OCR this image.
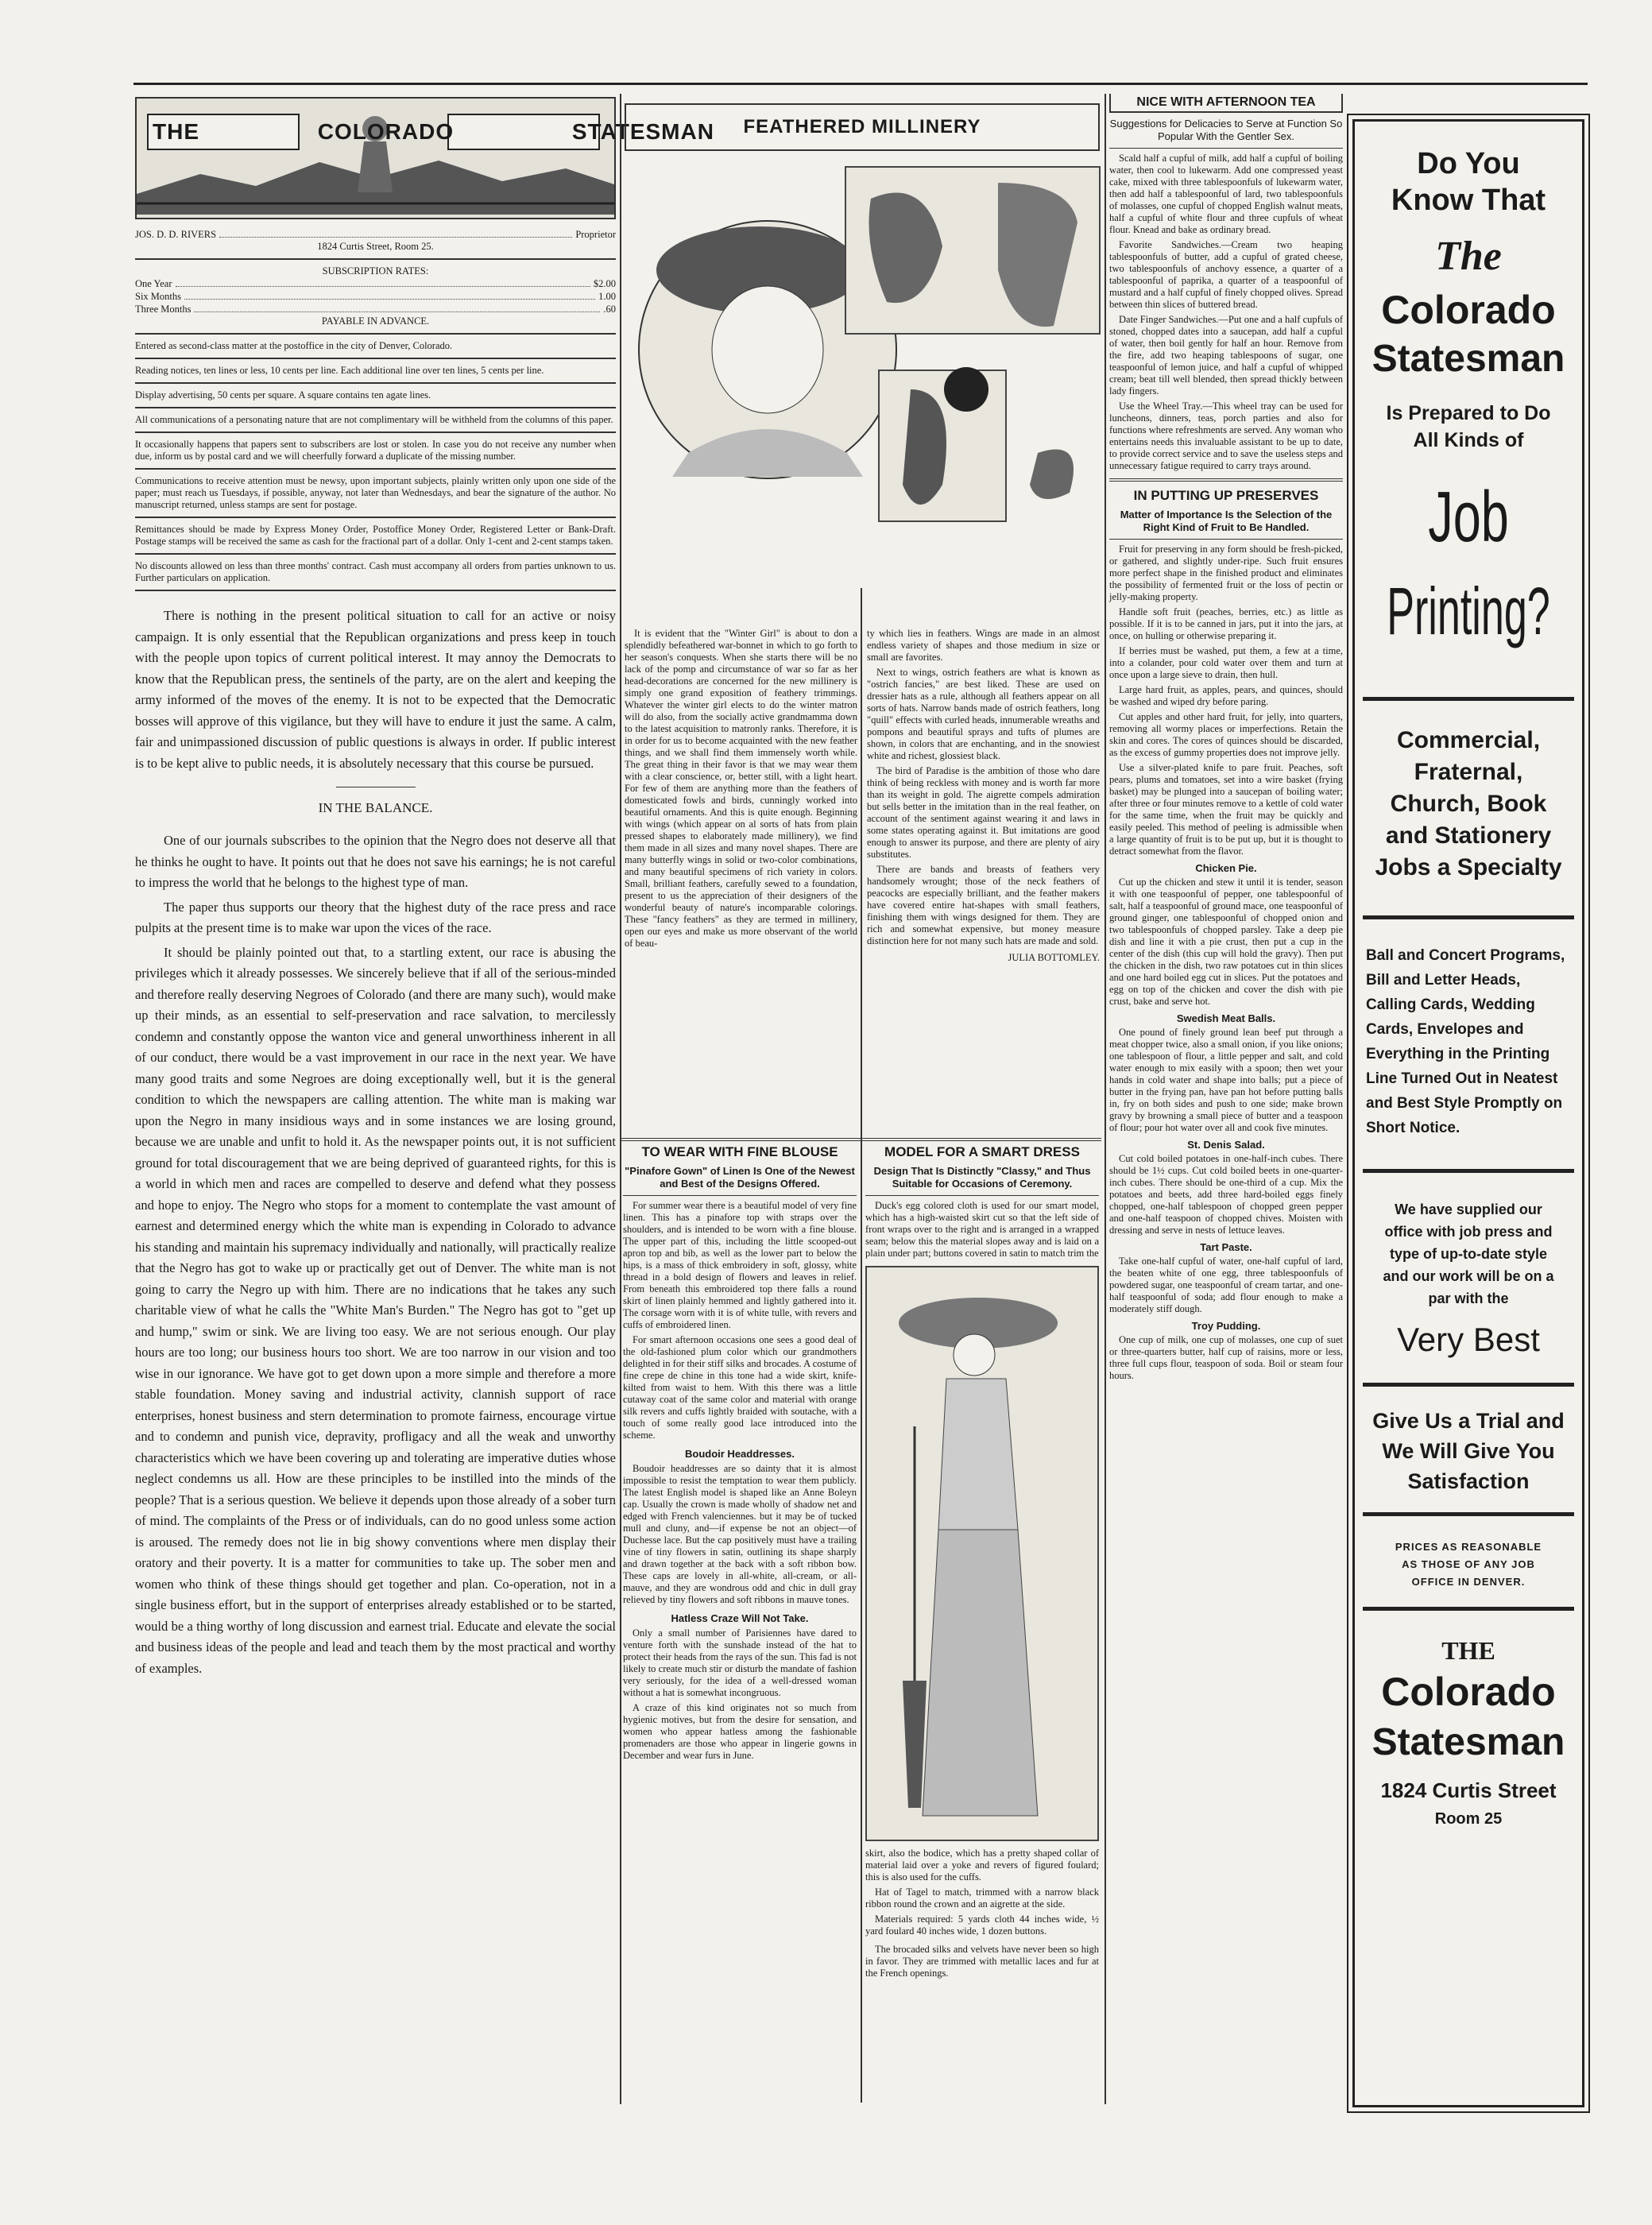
THE COLORADO STATESMAN
JOS. D. D. RIVERS	Proprietor
1824 Curtis Street, Room 25.
SUBSCRIPTION RATES:
One Year	$2.00
Six Months	1.00
Three Months	.60
PAYABLE IN ADVANCE.

Entered as second-class matter at the postoffice in the city of Denver, Colorado.

Reading notices, ten lines or less, 10 cents per line. Each additional line over ten lines, 5 cents per line.

Display advertising, 50 cents per square. A square contains ten agate lines.

All communications of a personating nature that are not complimentary will be withheld from the columns of this paper.

It occasionally happens that papers sent to subscribers are lost or stolen. In case you do not receive any number when due, inform us by postal card and we will cheerfully forward a duplicate of the missing number.

Communications to receive attention must be newsy, upon important subjects, plainly written only upon one side of the paper; must reach us Tuesdays, if possible, anyway, not later than Wednesdays, and bear the signature of the author. No manuscript returned, unless stamps are sent for postage.

Remittances should be made by Express Money Order, Postoffice Money Order, Registered Letter or Bank-Draft. Postage stamps will be received the same as cash for the fractional part of a dollar. Only 1-cent and 2-cent stamps taken.

No discounts allowed on less than three months' contract. Cash must accompany all orders from parties unknown to us. Further particulars on application.

There is nothing in the present political situation to call for an active or noisy campaign. It is only essential that the Republican organizations and press keep in touch with the people upon topics of current political interest. It may annoy the Democrats to know that the Republican press, the sentinels of the party, are on the alert and keeping the army informed of the moves of the enemy. It is not to be expected that the Democratic bosses will approve of this vigilance, but they will have to endure it just the same. A calm, fair and unimpassioned discussion of public questions is always in order. If public interest is to be kept alive to public needs, it is absolutely necessary that this course be pursued.

IN THE BALANCE.

One of our journals subscribes to the opinion that the Negro does not deserve all that he thinks he ought to have. It points out that he does not save his earnings; he is not careful to impress the world that he belongs to the highest type of man.

The paper thus supports our theory that the highest duty of the race press and race pulpits at the present time is to make war upon the vices of the race.

It should be plainly pointed out that, to a startling extent, our race is abusing the privileges which it already possesses. We sincerely believe that if all of the serious-minded and therefore really deserving Negroes of Colorado (and there are many such), would make up their minds, as an essential to self-preservation and race salvation, to mercilessly condemn and constantly oppose the wanton vice and general unworthiness inherent in all of our conduct, there would be a vast improvement in our race in the next year. We have many good traits and some Negroes are doing exceptionally well, but it is the general condition to which the newspapers are calling attention. The white man is making war upon the Negro in many insidious ways and in some instances we are losing ground, because we are unable and unfit to hold it. As the newspaper points out, it is not sufficient ground for total discouragement that we are being deprived of guaranteed rights, for this is a world in which men and races are compelled to deserve and defend what they possess and hope to enjoy. The Negro who stops for a moment to contemplate the vast amount of earnest and determined energy which the white man is expending in Colorado to advance his standing and maintain his supremacy individually and nationally, will practically realize that the Negro has got to wake up or practically get out of Denver. The white man is not going to carry the Negro up with him. There are no indications that he takes any such charitable view of what he calls the "White Man's Burden." The Negro has got to "get up and hump," swim or sink. We are living too easy. We are not serious enough. Our play hours are too long; our business hours too short. We are too narrow in our vision and too wise in our ignorance. We have got to get down upon a more simple and therefore a more stable foundation. Money saving and industrial activity, clannish support of race enterprises, honest business and stern determination to promote fairness, encourage virtue and to condemn and punish vice, depravity, profligacy and all the weak and unworthy characteristics which we have been covering up and tolerating are imperative duties whose neglect condemns us all. How are these principles to be instilled into the minds of the people? That is a serious question. We believe it depends upon those already of a sober turn of mind. The complaints of the Press or of individuals, can do no good unless some action is aroused. The remedy does not lie in big showy conventions where men display their oratory and their poverty. It is a matter for communities to take up. The sober men and women who think of these things should get together and plan. Co-operation, not in a single business effort, but in the support of enterprises already established or to be started, would be a thing worthy of long discussion and earnest trial. Educate and elevate the social and business ideas of the people and lead and teach them by the most practical and worthy of examples.

FEATHERED MILLINERY

It is evident that the "Winter Girl" is about to don a splendidly befeathered war-bonnet in which to go forth to her season's conquests. When she starts there will be no lack of the pomp and circumstance of war so far as her head-decorations are concerned for the new millinery is simply one grand exposition of feathery trimmings. Whatever the winter girl elects to do the winter matron will do also, from the socially active grandmamma down to the latest acquisition to matronly ranks. Therefore, it is in order for us to become acquainted with the new feather things, and we shall find them immensely worth while. The great thing in their favor is that we may wear them with a clear conscience, or, better still, with a light heart. For few of them are anything more than the feathers of domesticated fowls and birds, cunningly worked into beautiful ornaments. And this is quite enough. Beginning with wings (which appear on al sorts of hats from plain pressed shapes to elaborately made millinery), we find them made in all sizes and many novel shapes. There are many butterfly wings in solid or two-color combinations, and many beautiful specimens of rich variety in colors. Small, brilliant feathers, carefully sewed to a foundation, present to us the appreciation of their designers of the wonderful beauty of nature's incomparable colorings. These "fancy feathers" as they are termed in millinery, open our eyes and make us more observant of the world of beau-

ty which lies in feathers. Wings are made in an almost endless variety of shapes and those medium in size or small are favorites.

Next to wings, ostrich feathers are what is known as "ostrich fancies," are best liked. These are used on dressier hats as a rule, although all feathers appear on all sorts of hats. Narrow bands made of ostrich feathers, long "quill" effects with curled heads, innumerable wreaths and pompons and beautiful sprays and tufts of plumes are shown, in colors that are enchanting, and in the snowiest white and richest, glossiest black.

The bird of Paradise is the ambition of those who dare think of being reckless with money and is worth far more than its weight in gold. The aigrette compels admiration but sells better in the imitation than in the real feather, on account of the sentiment against wearing it and laws in some states operating against it. But imitations are good enough to answer its purpose, and there are plenty of airy substitutes.

There are bands and breasts of feathers very handsomely wrought; those of the neck feathers of peacocks are especially brilliant, and the feather makers have covered entire hat-shapes with small feathers, finishing them with wings designed for them. They are rich and somewhat expensive, but money measure distinction here for not many such hats are made and sold.

JULIA BOTTOMLEY.
TO WEAR WITH FINE BLOUSE
"Pinafore Gown" of Linen Is One of the Newest and Best of the Designs Offered.

For summer wear there is a beautiful model of very fine linen. This has a pinafore top with straps over the shoulders, and is intended to be worn with a fine blouse. The upper part of this, including the little scooped-out apron top and bib, as well as the lower part to below the hips, is a mass of thick embroidery in soft, glossy, white thread in a bold design of flowers and leaves in relief. From beneath this embroidered top there falls a round skirt of linen plainly hemmed and lightly gathered into it. The corsage worn with it is of white tulle, with revers and cuffs of embroidered linen.

For smart afternoon occasions one sees a good deal of the old-fashioned plum color which our grandmothers delighted in for their stiff silks and brocades. A costume of fine crepe de chine in this tone had a wide skirt, knife-kilted from waist to hem. With this there was a little cutaway coat of the same color and material with orange silk revers and cuffs lightly braided with soutache, with a touch of some really good lace introduced into the scheme.

Boudoir Headdresses.

Boudoir headdresses are so dainty that it is almost impossible to resist the temptation to wear them publicly. The latest English model is shaped like an Anne Boleyn cap. Usually the crown is made wholly of shadow net and edged with French valenciennes. but it may be of tucked mull and cluny, and—if expense be not an object—of Duchesse lace. But the cap positively must have a trailing vine of tiny flowers in satin, outlining its shape sharply and drawn together at the back with a soft ribbon bow. These caps are lovely in all-white, all-cream, or all-mauve, and they are wondrous odd and chic in dull gray relieved by tiny flowers and soft ribbons in mauve tones.

Hatless Craze Will Not Take.

Only a small number of Parisiennes have dared to venture forth with the sunshade instead of the hat to protect their heads from the rays of the sun. This fad is not likely to create much stir or disturb the mandate of fashion very seriously, for the idea of a well-dressed woman without a hat is somewhat incongruous.

A craze of this kind originates not so much from hygienic motives, but from the desire for sensation, and women who appear hatless among the fashionable promenaders are those who appear in lingerie gowns in December and wear furs in June.

MODEL FOR A SMART DRESS
Design That Is Distinctly "Classy," and Thus Suitable for Occasions of Ceremony.

Duck's egg colored cloth is used for our smart model, which has a high-waisted skirt cut so that the left side of front wraps over to the right and is arranged in a wrapped seam; below this the material slopes away and is laid on a plain under part; buttons covered in satin to match trim the

skirt, also the bodice, which has a pretty shaped collar of material laid over a yoke and revers of figured foulard; this is also used for the cuffs.

Hat of Tagel to match, trimmed with a narrow black ribbon round the crown and an aigrette at the side.

Materials required: 5 yards cloth 44 inches wide, ½ yard foulard 40 inches wide, 1 dozen buttons.

The brocaded silks and velvets have never been so high in favor. They are trimmed with metallic laces and fur at the French openings.

NICE WITH AFTERNOON TEA
Suggestions for Delicacies to Serve at Function So Popular With the Gentler Sex.

Scald half a cupful of milk, add half a cupful of boiling water, then cool to lukewarm. Add one compressed yeast cake, mixed with three tablespoonfuls of lukewarm water, then add half a tablespoonful of lard, two tablespoonfuls of molasses, one cupful of chopped English walnut meats, half a cupful of white flour and three cupfuls of wheat flour. Knead and bake as ordinary bread.

Favorite Sandwiches.—Cream two heaping tablespoonfuls of butter, add a cupful of grated cheese, two tablespoonfuls of anchovy essence, a quarter of a tablespoonful of paprika, a quarter of a teaspoonful of mustard and a half cupful of finely chopped olives. Spread between thin slices of buttered bread.

Date Finger Sandwiches.—Put one and a half cupfuls of stoned, chopped dates into a saucepan, add half a cupful of water, then boil gently for half an hour. Remove from the fire, add two heaping tablespoons of sugar, one teaspoonful of lemon juice, and half a cupful of whipped cream; beat till well blended, then spread thickly between lady fingers.

Use the Wheel Tray.—This wheel tray can be used for luncheons, dinners, teas, porch parties and also for functions where refreshments are served. Any woman who entertains needs this invaluable assistant to be up to date, to provide correct service and to save the useless steps and unnecessary fatigue required to carry trays around.

IN PUTTING UP PRESERVES
Matter of Importance Is the Selection of the Right Kind of Fruit to Be Handled.

Fruit for preserving in any form should be fresh-picked, or gathered, and slightly under-ripe. Such fruit ensures more perfect shape in the finished product and eliminates the possibility of fermented fruit or the loss of pectin or jelly-making property.

Handle soft fruit (peaches, berries, etc.) as little as possible. If it is to be canned in jars, put it into the jars, at once, on hulling or otherwise preparing it.

If berries must be washed, put them, a few at a time, into a colander, pour cold water over them and turn at once upon a large sieve to drain, then hull.

Large hard fruit, as apples, pears, and quinces, should be washed and wiped dry before paring.

Cut apples and other hard fruit, for jelly, into quarters, removing all wormy places or imperfections. Retain the skin and cores. The cores of quinces should be discarded, as the excess of gummy properties does not improve jelly.

Use a silver-plated knife to pare fruit. Peaches, soft pears, plums and tomatoes, set into a wire basket (frying basket) may be plunged into a saucepan of boiling water; after three or four minutes remove to a kettle of cold water for the same time, when the fruit may be quickly and easily peeled. This method of peeling is admissible when a large quantity of fruit is to be put up, but it is thought to detract somewhat from the flavor.

Chicken Pie.

Cut up the chicken and stew it until it is tender, season it with one teaspoonful of pepper, one tablespoonful of salt, half a teaspoonful of ground mace, one teaspoonful of ground ginger, one tablespoonful of chopped onion and two tablespoonfuls of chopped parsley. Take a deep pie dish and line it with a pie crust, then put a cup in the center of the dish (this cup will hold the gravy). Then put the chicken in the dish, two raw potatoes cut in thin slices and one hard boiled egg cut in slices. Put the potatoes and egg on top of the chicken and cover the dish with pie crust, bake and serve hot.

Swedish Meat Balls.

One pound of finely ground lean beef put through a meat chopper twice, also a small onion, if you like onions; one tablespoon of flour, a little pepper and salt, and cold water enough to mix easily with a spoon; then wet your hands in cold water and shape into balls; put a piece of butter in the frying pan, have pan hot before putting balls in, fry on both sides and push to one side; make brown gravy by browning a small piece of butter and a teaspoon of flour; pour hot water over all and cook five minutes.

St. Denis Salad.

Cut cold boiled potatoes in one-half-inch cubes. There should be 1½ cups. Cut cold boiled beets in one-quarter-inch cubes. There should be one-third of a cup. Mix the potatoes and beets, add three hard-boiled eggs finely chopped, one-half tablespoon of chopped green pepper and one-half teaspoon of chopped chives. Moisten with dressing and serve in nests of lettuce leaves.

Tart Paste.

Take one-half cupful of water, one-half cupful of lard, the beaten white of one egg, three tablespoonfuls of powdered sugar, one teaspoonful of cream tartar, and one-half teaspoonful of soda; add flour enough to make a moderately stiff dough.

Troy Pudding.

One cup of milk, one cup of molasses, one cup of suet or three-quarters butter, half cup of raisins, more or less, three full cups flour, teaspoon of soda. Boil or steam four hours.

Do You
Know That
The
Colorado
Statesman
Is Prepared to Do
All Kinds of
Job
Printing?
Commercial, Fraternal, Church, Book and Stationery Jobs a Specialty
Ball and Concert Programs, Bill and Letter Heads, Calling Cards, Wedding Cards, Envelopes and Everything in the Printing Line Turned Out in Neatest and Best Style Promptly on Short Notice.
We have supplied our office with job press and type of up-to-date style and our work will be on a par with the
Very Best
Give Us a Trial and We Will Give You Satisfaction
PRICES AS REASONABLE AS THOSE OF ANY JOB OFFICE IN DENVER.
THE
Colorado
Statesman
1824 Curtis Street
Room 25
